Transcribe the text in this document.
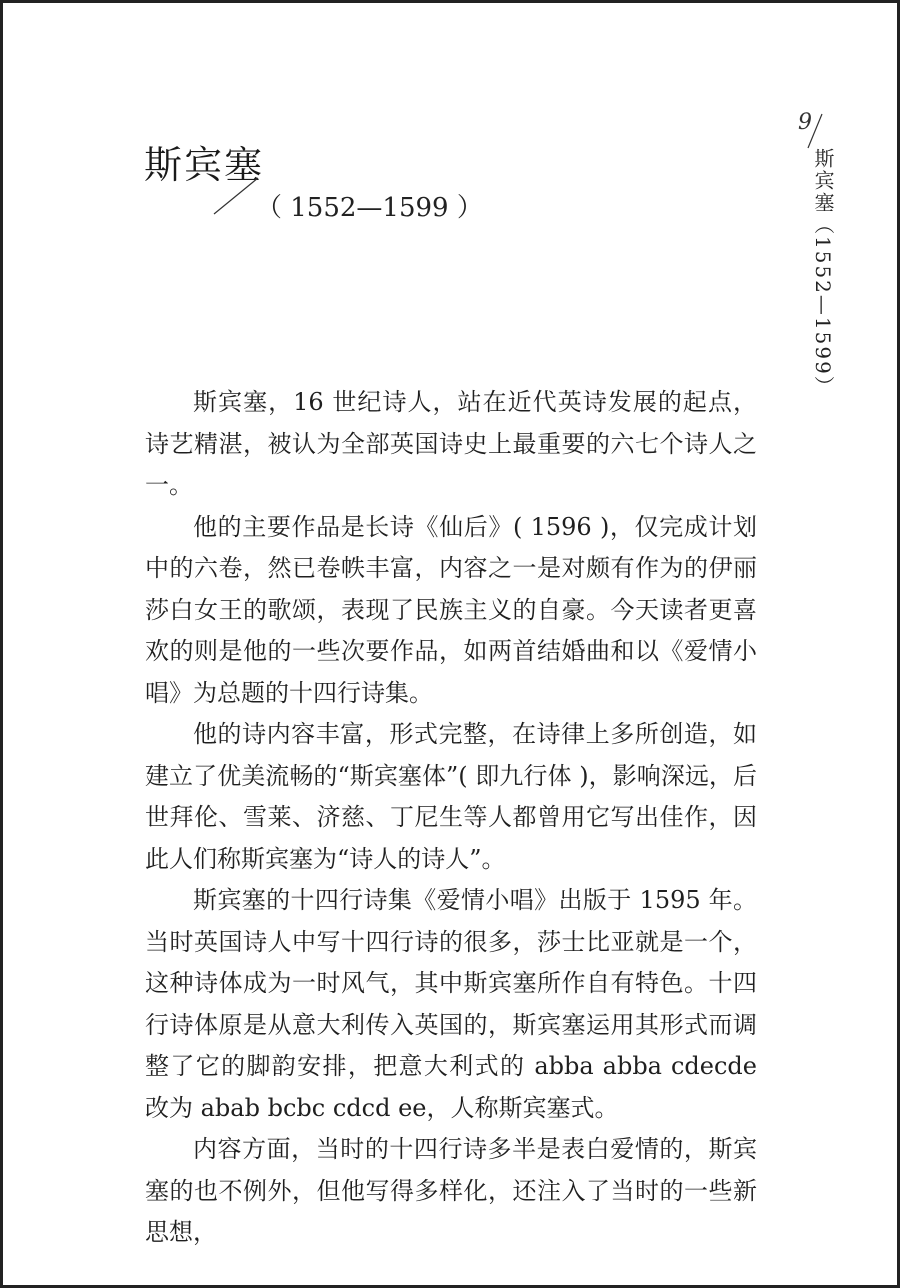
斯宾塞
（ 1552—1599 ）
9
斯宾塞（1552—1599）

斯宾塞，16 世纪诗人，站在近代英诗发展的起点，诗艺精湛，被认为全部英国诗史上最重要的六七个诗人之一。

他的主要作品是长诗《仙后》( 1596 )，仅完成计划中的六卷，然已卷帙丰富，内容之一是对颇有作为的伊丽莎白女王的歌颂，表现了民族主义的自豪。今天读者更喜欢的则是他的一些次要作品，如两首结婚曲和以《爱情小唱》为总题的十四行诗集。

他的诗内容丰富，形式完整，在诗律上多所创造，如建立了优美流畅的“斯宾塞体”( 即九行体 )，影响深远，后世拜伦、雪莱、济慈、丁尼生等人都曾用它写出佳作，因此人们称斯宾塞为“诗人的诗人”。

斯宾塞的十四行诗集《爱情小唱》出版于 1595 年。当时英国诗人中写十四行诗的很多，莎士比亚就是一个，这种诗体成为一时风气，其中斯宾塞所作自有特色。十四行诗体原是从意大利传入英国的，斯宾塞运用其形式而调整了它的脚韵安排，把意大利式的 abba abba cdecde 改为 abab bcbc cdcd ee，人称斯宾塞式。

内容方面，当时的十四行诗多半是表白爱情的，斯宾塞的也不例外，但他写得多样化，还注入了当时的一些新思想，
